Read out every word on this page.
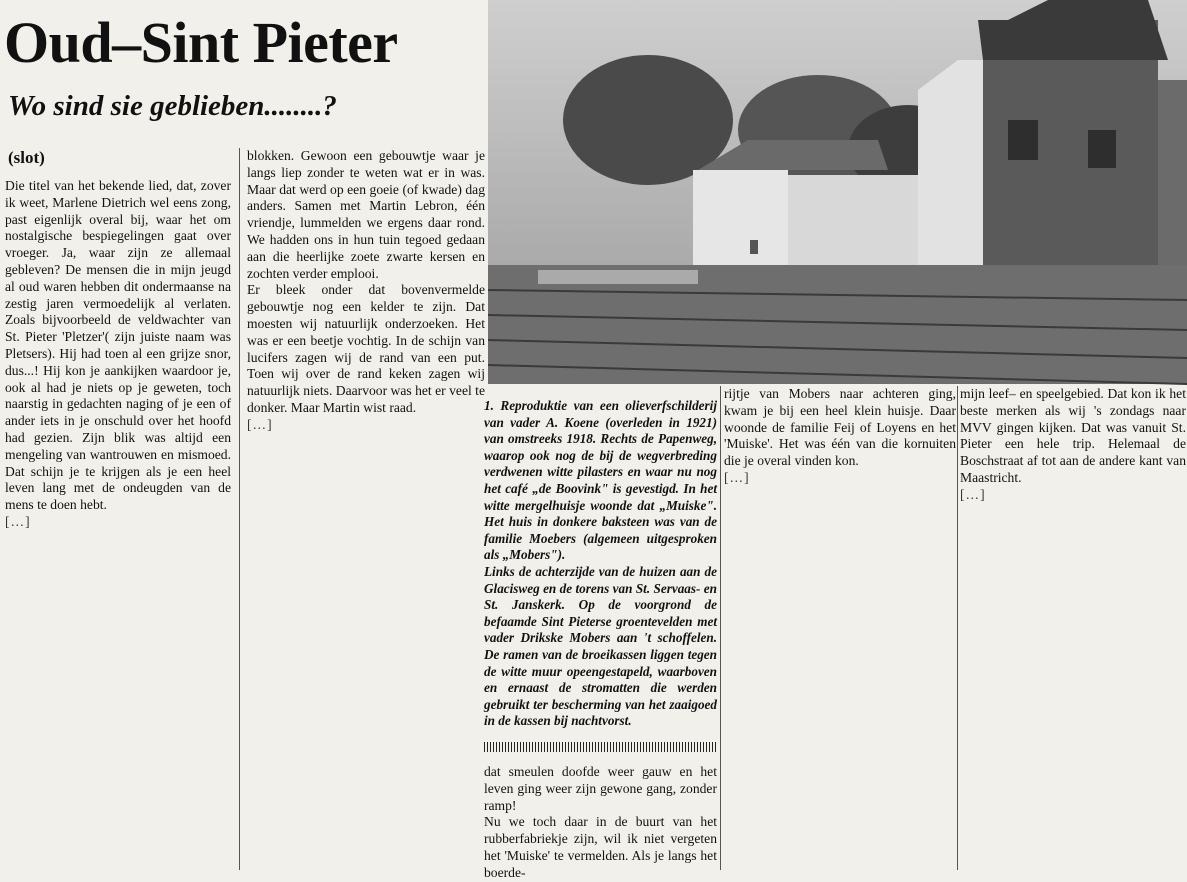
Oud–Sint Pieter
Wo sind sie geblieben........?
(slot)

Die titel van het bekende lied, dat, zover ik weet, Marlene Dietrich wel eens zong, past eigenlijk overal bij, waar het om nostalgische bespiegelingen gaat over vroeger. Ja, waar zijn ze allemaal gebleven? De mensen die in mijn jeugd al oud waren hebben dit ondermaanse na zestig jaren vermoedelijk al verlaten. Zoals bijvoorbeeld de veldwachter van St. Pieter 'Pletzer'( zijn juiste naam was Pletsers). Hij had toen al een grijze snor, dus...! Hij kon je aankijken waardoor je, ook al had je niets op je geweten, toch naarstig in gedachten naging of je een of ander iets in je onschuld over het hoofd had gezien. Zijn blik was altijd een mengeling van wantrouwen en mismoed. Dat schijn je te krijgen als je een heel leven lang met de ondeugden van de mens te doen hebt.

[…]

blokken. Gewoon een gebouwtje waar je langs liep zonder te weten wat er in was. Maar dat werd op een goeie (of kwade) dag anders. Samen met Martin Lebron, één vriendje, lummelden we ergens daar rond. We hadden ons in hun tuin tegoed gedaan aan die heerlijke zoete zwarte kersen en zochten verder emplooi.

Er bleek onder dat bovenvermelde gebouwtje nog een kelder te zijn. Dat moesten wij natuurlijk onderzoeken. Het was er een beetje vochtig. In de schijn van lucifers zagen wij de rand van een put. Toen wij over de rand keken zagen wij natuurlijk niets. Daarvoor was het er veel te donker. Maar Martin wist raad.

[…]

1. Reproduktie van een olieverfschilderij van vader A. Koene (overleden in 1921) van omstreeks 1918. Rechts de Papenweg, waarop ook nog de bij de wegverbreding verdwenen witte pilasters en waar nu nog het café „de Boovink" is gevestigd. In het witte mergelhuisje woonde dat „Muiske". Het huis in donkere baksteen was van de familie Moebers (algemeen uitgesproken als „Mobers").

Links de achterzijde van de huizen aan de Glacisweg en de torens van St. Servaas- en St. Janskerk. Op de voorgrond de befaamde Sint Pieterse groentevelden met vader Drikske Mobers aan 't schoffelen. De ramen van de broeikassen liggen tegen de witte muur opeengestapeld, waarboven en ernaast de stromatten die werden gebruikt ter bescherming van het zaaigoed in de kassen bij nachtvorst.

dat smeulen doofde weer gauw en het leven ging weer zijn gewone gang, zonder ramp!

Nu we toch daar in de buurt van het rubberfabriekje zijn, wil ik niet vergeten het 'Muiske' te vermelden. Als je langs het boerde-

rijtje van Mobers naar achteren ging, kwam je bij een heel klein huisje. Daar woonde de familie Feij of Loyens en het 'Muiske'. Het was één van die kornuiten die je overal vinden kon.

[…]

mijn leef– en speelgebied. Dat kon ik het beste merken als wij 's zondags naar MVV gingen kijken. Dat was vanuit St. Pieter een hele trip. Helemaal de Boschstraat af tot aan de andere kant van Maastricht.

[…]
